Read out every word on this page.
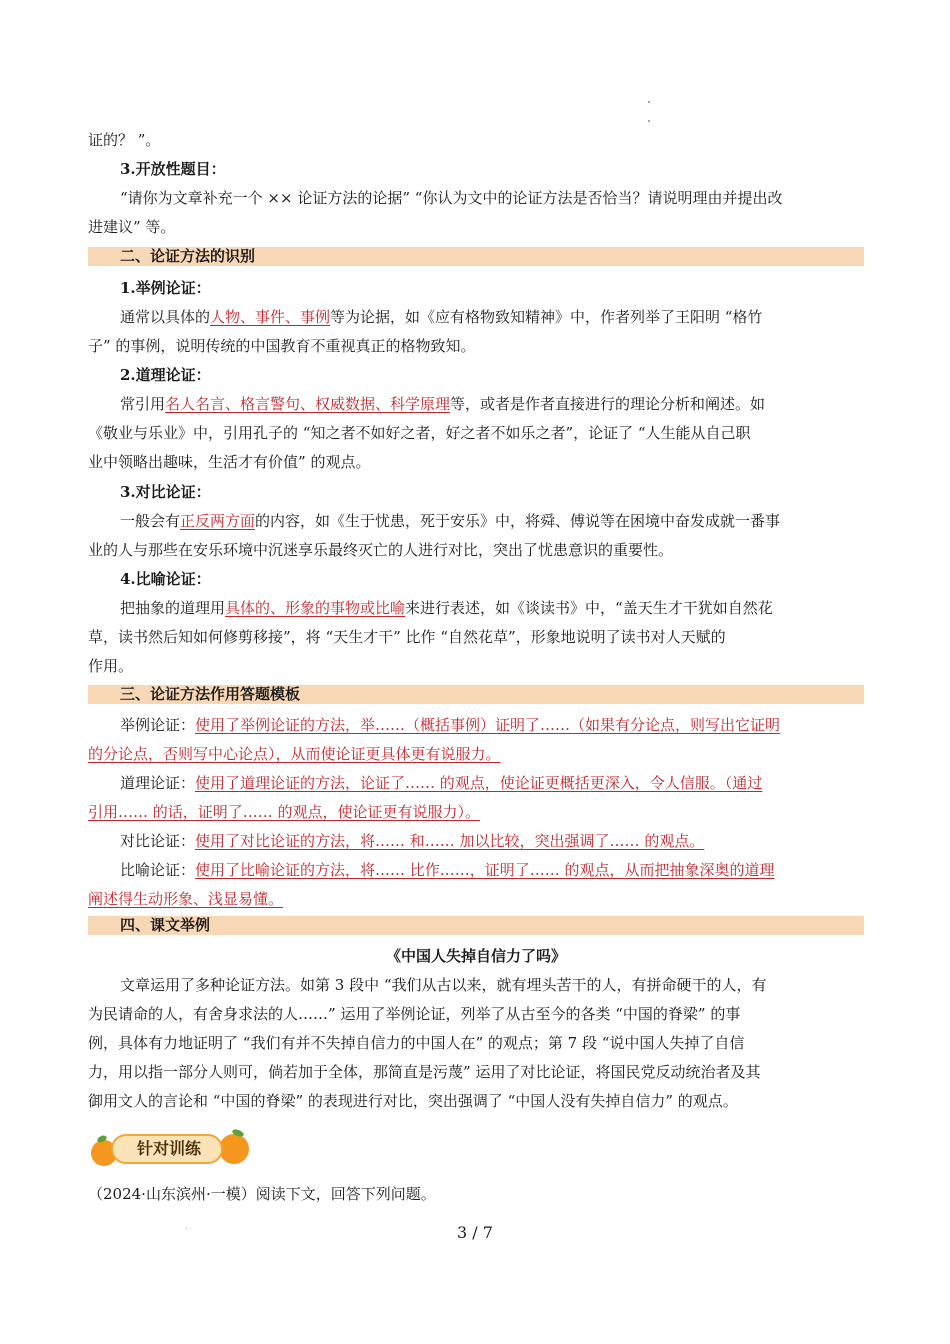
证的？ ”。
3.开放性题目：
“请你为文章补充一个 ×× 论证方法的论据” “你认为文中的论证方法是否恰当？请说明理由并提出改
进建议” 等。
二、论证方法的识别
1.举例论证：
通常以具体的人物、事件、事例等为论据，如《应有格物致知精神》中，作者列举了王阳明 “格竹
子” 的事例，说明传统的中国教育不重视真正的格物致知。
2.道理论证：
常引用名人名言、格言警句、权威数据、科学原理等，或者是作者直接进行的理论分析和阐述。如
《敬业与乐业》中，引用孔子的 “知之者不如好之者，好之者不如乐之者”，论证了 “人生能从自己职
业中领略出趣味，生活才有价值” 的观点。
3.对比论证：
一般会有正反两方面的内容，如《生于忧患，死于安乐》中，将舜、傅说等在困境中奋发成就一番事
业的人与那些在安乐环境中沉迷享乐最终灭亡的人进行对比，突出了忧患意识的重要性。
4.比喻论证：
把抽象的道理用具体的、形象的事物或比喻来进行表述，如《谈读书》中，“盖天生才干犹如自然花
草，读书然后知如何修剪移接”，将 “天生才干” 比作 “自然花草”，形象地说明了读书对人天赋的
作用。
三、论证方法作用答题模板
举例论证：使用了举例论证的方法，举……（概括事例）证明了……（如果有分论点，则写出它证明
的分论点，否则写中心论点），从而使论证更具体更有说服力。
道理论证：使用了道理论证的方法，论证了…… 的观点，使论证更概括更深入，令人信服。（通过
引用…… 的话，证明了…… 的观点，使论证更有说服力）。
对比论证：使用了对比论证的方法，将…… 和…… 加以比较，突出强调了…… 的观点。
比喻论证：使用了比喻论证的方法，将…… 比作……，证明了…… 的观点，从而把抽象深奥的道理
阐述得生动形象、浅显易懂。
四、课文举例
《中国人失掉自信力了吗》
文章运用了多种论证方法。如第 3 段中 “我们从古以来，就有埋头苦干的人，有拼命硬干的人，有
为民请命的人，有舍身求法的人……” 运用了举例论证，列举了从古至今的各类 “中国的脊梁” 的事
例，具体有力地证明了 “我们有并不失掉自信力的中国人在” 的观点；第 7 段 “说中国人失掉了自信
力，用以指一部分人则可，倘若加于全体，那简直是污蔑” 运用了对比论证，将国民党反动统治者及其
御用文人的言论和 “中国的脊梁” 的表现进行对比，突出强调了 “中国人没有失掉自信力” 的观点。
针对训练
（2024·山东滨州·一模）阅读下文，回答下列问题。
3 / 7
